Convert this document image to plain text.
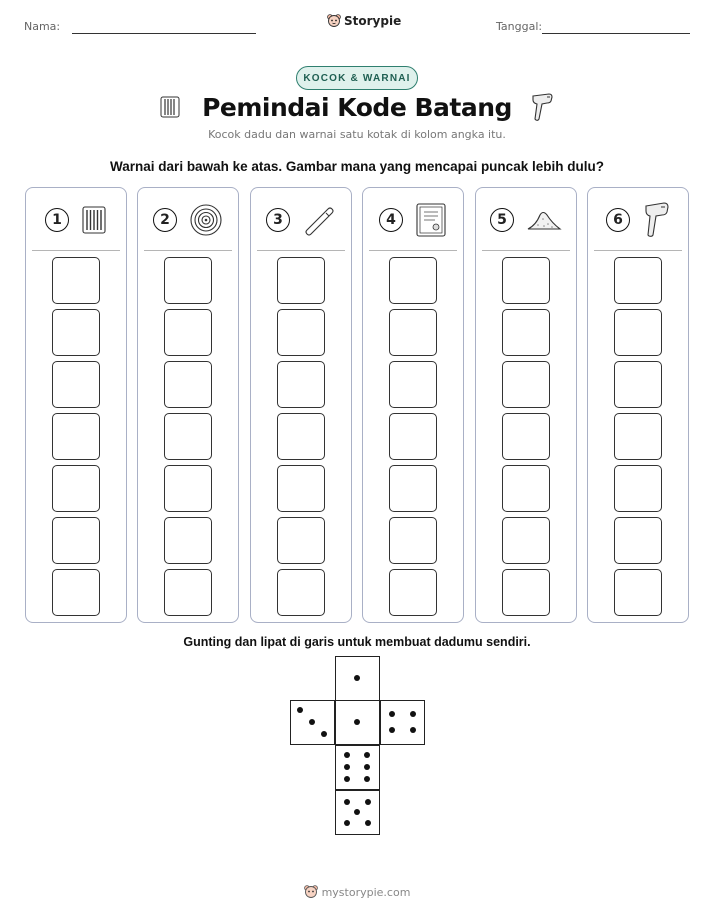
Nama:	Storypie	Tanggal:
KOCOK & WARNAI
Pemindai Kode Batang
Kocok dadu dan warnai satu kotak di kolom angka itu.
Warnai dari bawah ke atas. Gambar mana yang mencapai puncak lebih dulu?
1	2	3	4	5	6
Gunting dan lipat di garis untuk membuat dadumu sendiri.
mystorypie.com
